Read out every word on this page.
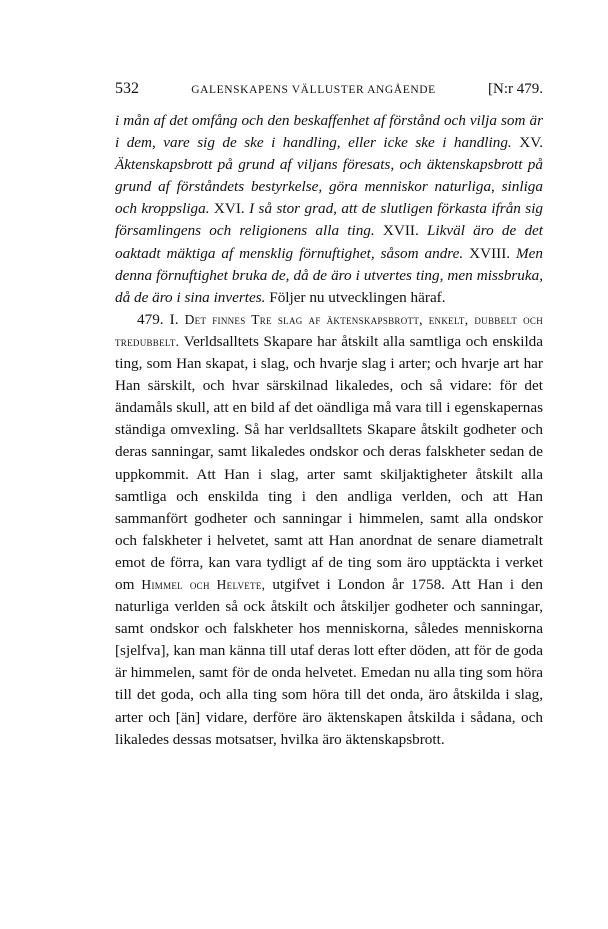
532	GALENSKAPENS VÄLLUSTER ANGÅENDE	[N:r 479.

i mån af det omfång och den beskaffenhet af förstånd och vilja som är i dem, vare sig de ske i handling, eller icke ske i handling. XV. Äktenskapsbrott på grund af viljans föresats, och äktenskapsbrott på grund af förståndets bestyrkelse, göra menniskor naturliga, sinliga och kroppsliga. XVI. I så stor grad, att de slutligen förkasta ifrån sig församlingens och religionens alla ting. XVII. Likväl äro de det oaktadt mäktiga af mensklig förnuftighet, såsom andre. XVIII. Men denna förnuftighet bruka de, då de äro i utvertes ting, men missbruka, då de äro i sina invertes. Följer nu utvecklingen häraf.

479. I. Det finnes Tre slag af äktenskapsbrott, enkelt, dubbelt och tredubbelt. Verldsalltets Skapare har åtskilt alla samtliga och enskilda ting, som Han skapat, i slag, och hvarje slag i arter; och hvarje art har Han särskilt, och hvar särskilnad likaledes, och så vidare: för det ändamåls skull, att en bild af det oändliga må vara till i egenskapernas ständiga omvexling. Så har verldsalltets Skapare åtskilt godheter och deras sanningar, samt likaledes ondskor och deras falskheter sedan de uppkommit. Att Han i slag, arter samt skiljaktigheter åtskilt alla samtliga och enskilda ting i den andliga verlden, och att Han sammanfört godheter och sanningar i himmelen, samt alla ondskor och falskheter i helvetet, samt att Han anordnat de senare diametralt emot de förra, kan vara tydligt af de ting som äro upptäckta i verket om Himmel och Helvete, utgifvet i London år 1758. Att Han i den naturliga verlden så ock åtskilt och åtskiljer godheter och sanningar, samt ondskor och falskheter hos menniskorna, således menniskorna [sjelfva], kan man känna till utaf deras lott efter döden, att för de goda är himmelen, samt för de onda helvetet. Emedan nu alla ting som höra till det goda, och alla ting som höra till det onda, äro åtskilda i slag, arter och [än] vidare, derföre äro äktenskapen åtskilda i sådana, och likaledes dessas motsatser, hvilka äro äktenskapsbrott.
